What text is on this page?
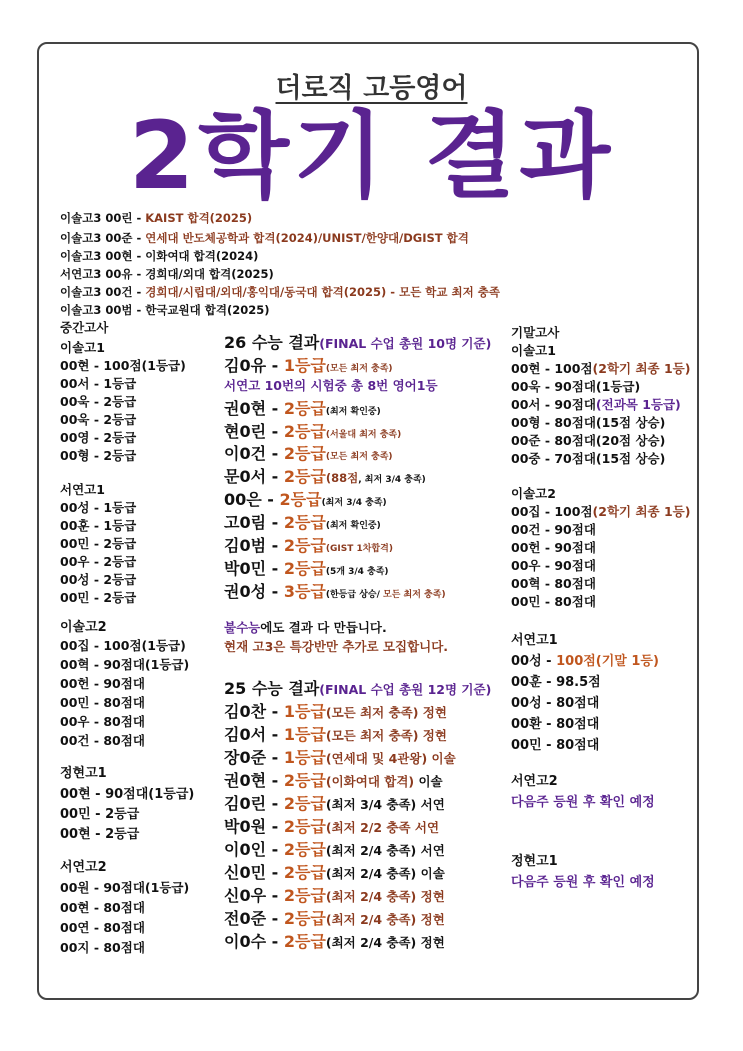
더로직 고등영어
2학기 결과
이솔고3 00린 - KAIST 합격(2025)
이솔고3 00준 - 연세대 반도체공학과 합격(2024)/UNIST/한양대/DGIST 합격
이솔고3 00현 - 이화여대 합격(2024)
서연고3 00유 - 경희대/외대 합격(2025)
이솔고3 00건 - 경희대/시립대/외대/홍익대/동국대 합격(2025) - 모든 학교 최저 충족
이솔고3 00범 - 한국교원대 합격(2025)
중간고사
이솔고1
00현 - 100점(1등급)
00서 - 1등급
00욱 - 2등급
00욱 - 2등급
00영 - 2등급
00형 - 2등급
서연고1
00성 - 1등급
00훈 - 1등급
00민 - 2등급
00우 - 2등급
00성 - 2등급
00민 - 2등급
이솔고2
00집 - 100점(1등급)
00혁 - 90점대(1등급)
00헌 - 90점대
00민 - 80점대
00우 - 80점대
00건 - 80점대
정현고1
00현 - 90점대(1등급)
00민 - 2등급
00현 - 2등급
서연고2
00원 - 90점대(1등급)
00현 - 80점대
00연 - 80점대
00지 - 80점대
26 수능 결과(FINAL 수업 총원 10명 기준)
김0유 - 1등급(모든 최저 충족)
서연고 10번의 시험중 총 8번 영어1등
권0현 - 2등급(최저 확인중)
현0린 - 2등급(서울대 최저 충족)
이0건 - 2등급(모든 최저 충족)
문0서 - 2등급(88점, 최저 3/4 충족)
00은 - 2등급(최저 3/4 충족)
고0림 - 2등급(최저 확인중)
김0범 - 2등급(GIST 1차합격)
박0민 - 2등급(5개 3/4 충족)
권0성 - 3등급(한등급 상승/ 모든 최저 충족)
불수능에도 결과 다 만듭니다.
현재 고3은 특강반만 추가로 모집합니다.
25 수능 결과(FINAL 수업 총원 12명 기준)
김0찬 - 1등급(모든 최저 충족) 정현
김0서 - 1등급(모든 최저 충족) 정현
장0준 - 1등급(연세대 및 4관왕) 이솔
권0현 - 2등급(이화여대 합격) 이솔
김0린 - 2등급(최저 3/4 충족) 서연
박0원 - 2등급(최저 2/2 충족 서연
이0인 - 2등급(최저 2/4 충족) 서연
신0민 - 2등급(최저 2/4 충족) 이솔
신0우 - 2등급(최저 2/4 충족) 정현
전0준 - 2등급(최저 2/4 충족) 정현
이0수 - 2등급(최저 2/4 충족) 정현
기말고사
이솔고1
00현 - 100점(2학기 최종 1등)
00욱 - 90점대(1등급)
00서 - 90점대(전과목 1등급)
00형 - 80점대(15점 상승)
00준 - 80점대(20점 상승)
00중 - 70점대(15점 상승)
이솔고2
00집 - 100점(2학기 최종 1등)
00건 - 90점대
00헌 - 90점대
00우 - 90점대
00혁 - 80점대
00민 - 80점대
서연고1
00성 - 100점(기말 1등)
00훈 - 98.5점
00성 - 80점대
00환 - 80점대
00민 - 80점대
서연고2
다음주 등원 후 확인 예정
정현고1
다음주 등원 후 확인 예정
